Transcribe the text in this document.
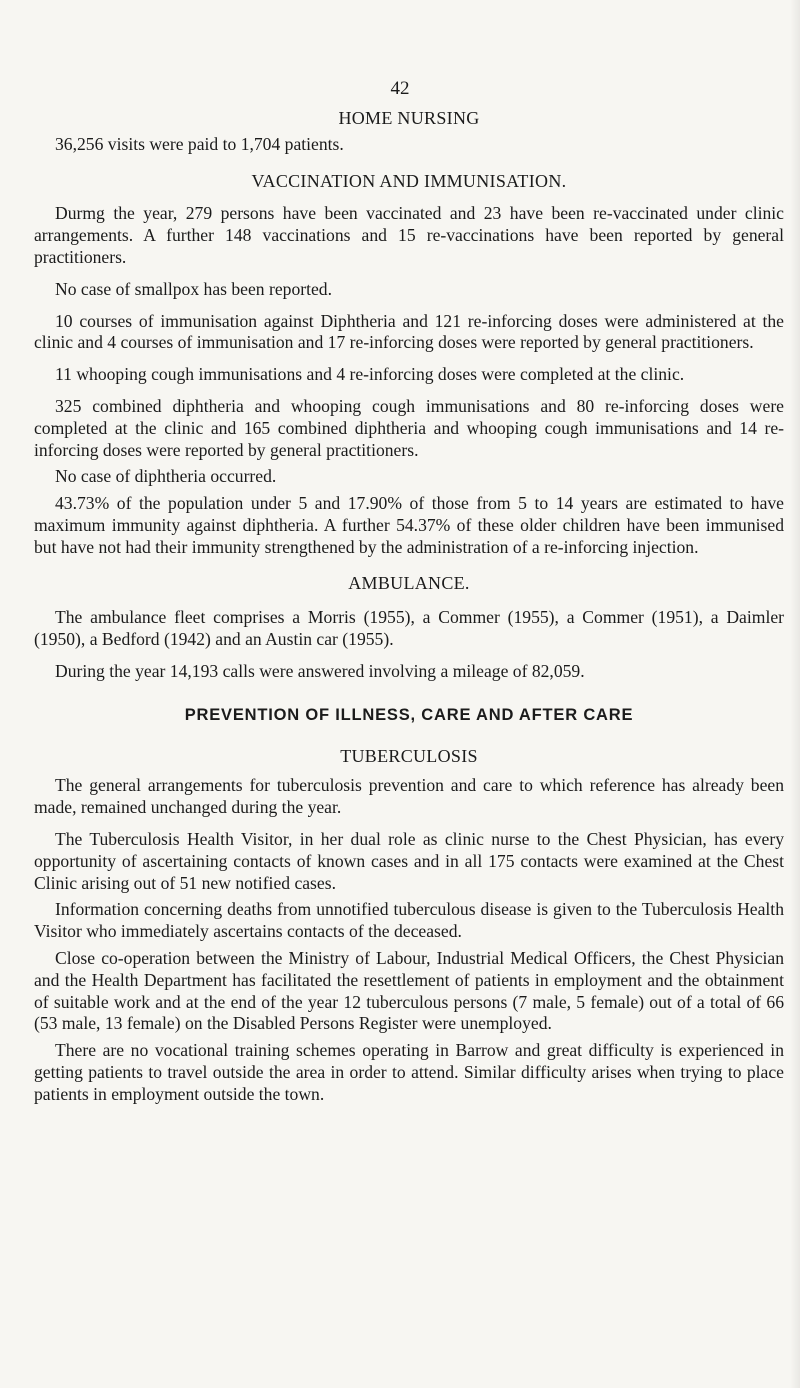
42
HOME NURSING

36,256 visits were paid to 1,704 patients.

VACCINATION AND IMMUNISATION.

Durmg the year, 279 persons have been vaccinated and 23 have been re-vaccinated under clinic arrangements. A further 148 vaccinations and 15 re-vaccinations have been reported by general practitioners.

No case of smallpox has been reported.

10 courses of immunisation against Diphtheria and 121 re-inforcing doses were administered at the clinic and 4 courses of immunisation and 17 re-inforcing doses were reported by general practitioners.

11 whooping cough immunisations and 4 re-inforcing doses were completed at the clinic.

325 combined diphtheria and whooping cough immunisations and 80 re-inforcing doses were completed at the clinic and 165 combined diphtheria and whooping cough immunisations and 14 re-inforcing doses were reported by general practitioners.

No case of diphtheria occurred.

43.73% of the population under 5 and 17.90% of those from 5 to 14 years are estimated to have maximum immunity against diphtheria. A further 54.37% of these older children have been immunised but have not had their immunity strengthened by the administration of a re-inforcing injection.

AMBULANCE.

The ambulance fleet comprises a Morris (1955), a Commer (1955), a Commer (1951), a Daimler (1950), a Bedford (1942) and an Austin car (1955).

During the year 14,193 calls were answered involving a mileage of 82,059.

PREVENTION OF ILLNESS, CARE AND AFTER CARE
TUBERCULOSIS

The general arrangements for tuberculosis prevention and care to which reference has already been made, remained unchanged during the year.

The Tuberculosis Health Visitor, in her dual role as clinic nurse to the Chest Physician, has every opportunity of ascertaining contacts of known cases and in all 175 contacts were examined at the Chest Clinic arising out of 51 new notified cases.

Information concerning deaths from unnotified tuberculous disease is given to the Tuberculosis Health Visitor who immediately ascertains contacts of the deceased.

Close co-operation between the Ministry of Labour, Industrial Medical Officers, the Chest Physician and the Health Department has facilitated the resettlement of patients in employment and the obtainment of suitable work and at the end of the year 12 tuberculous persons (7 male, 5 female) out of a total of 66 (53 male, 13 female) on the Disabled Persons Register were unemployed.

There are no vocational training schemes operating in Barrow and great difficulty is experienced in getting patients to travel outside the area in order to attend. Similar difficulty arises when trying to place patients in employment outside the town.
